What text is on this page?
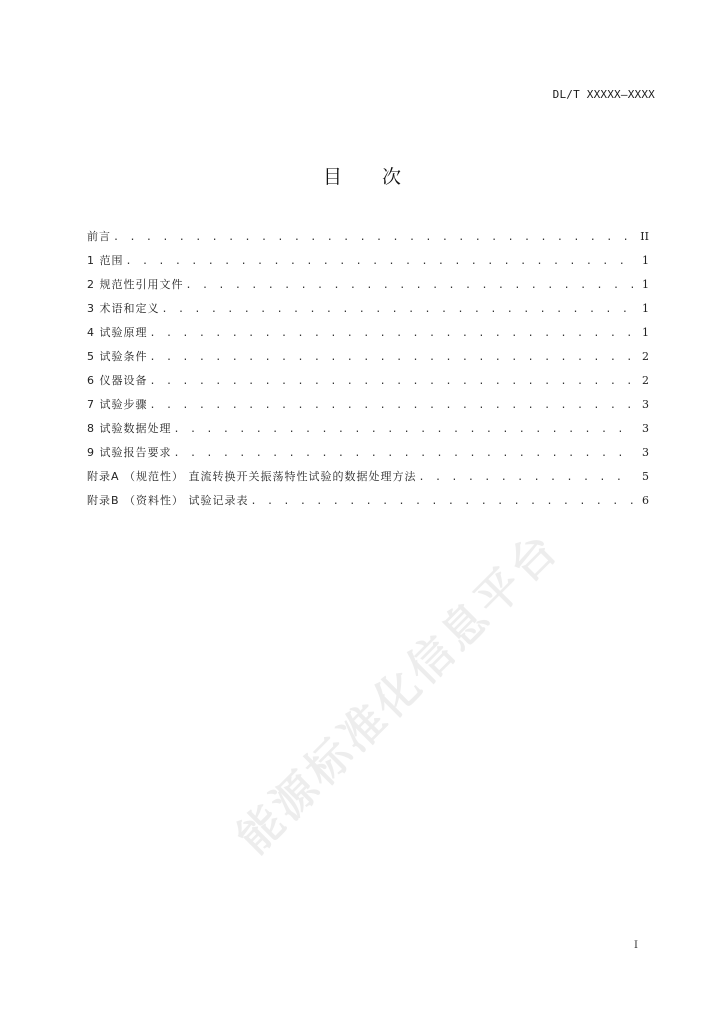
DL/T XXXXX—XXXX
目 次
前言 . . .	II
1 范围 . . .	1
2 规范性引用文件 . . .	1
3 术语和定义 . . .	1
4 试验原理 . . .	1
5 试验条件 . . .	2
6 仪器设备 . . .	2
7 试验步骤 . . .	3
8 试验数据处理 . . .	3
9 试验报告要求 . . .	3
附录A （规范性） 直流转换开关振荡特性试验的数据处理方法 . . .	5
附录B （资料性） 试验记录表 . . .	6
能源标准化信息平台
I
